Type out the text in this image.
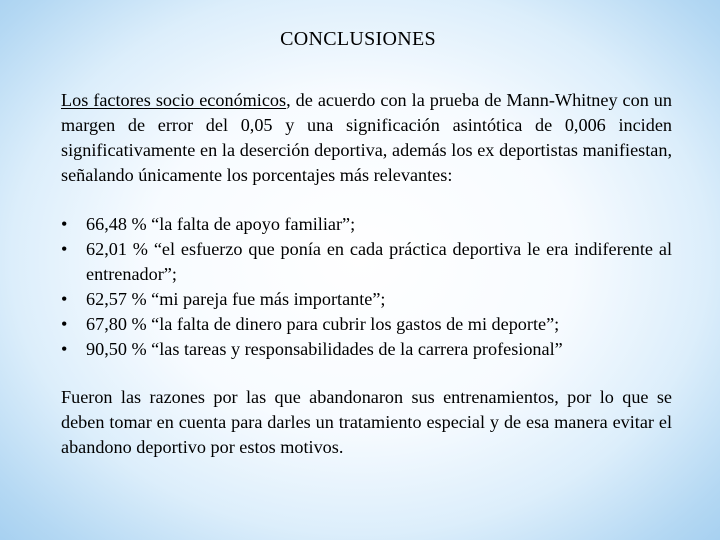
CONCLUSIONES

Los factores socio económicos, de acuerdo con la prueba de Mann-Whitney con un margen de error del 0,05 y una significación asintótica de 0,006 inciden significativamente en la deserción deportiva, además los ex deportistas manifiestan, señalando únicamente los porcentajes más relevantes:

• 66,48 % “la falta de apoyo familiar”;
• 62,01 % “el esfuerzo que ponía en cada práctica deportiva le era indiferente al entrenador”;
• 62,57 % “mi pareja fue más importante”;
• 67,80 % “la falta de dinero para cubrir los gastos de mi deporte”;
• 90,50 % “las tareas y responsabilidades de la carrera profesional”

Fueron las razones por las que abandonaron sus entrenamientos, por lo que se deben tomar en cuenta para darles un tratamiento especial y de esa manera evitar el abandono deportivo por estos motivos.
